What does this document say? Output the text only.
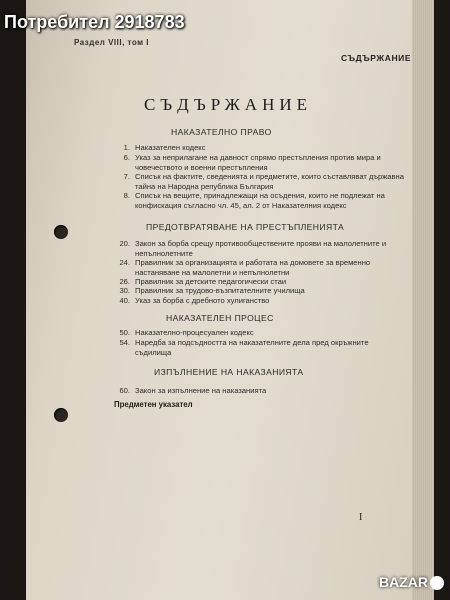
Раздел VIII, том I
СЪДЪРЖАНИЕ
СЪДЪРЖАНИЕ
НАКАЗАТЕЛНО ПРАВО
1. Наказателен кодекс
6. Указ за неприлагане на давност спрямо престъпления против мира и човечеството и военни престъпления
7. Списък на фактите, сведенията и предметите, които съставляват държавна тайна на Народна република България
8. Списък на вещите, принадлежащи на осъдения, които не подлежат на конфискация съгласно чл. 45, ал. 2 от Наказателния кодекс
ПРЕДОТВРАТЯВАНЕ НА ПРЕСТЪПЛЕНИЯТА
20. Закон за борба срещу противообществените прояви на малолетните и непълнолетните
24. Правилник за организацията и работата на домовете за временно настаняване на малолетни и непълнолетни
26. Правилник за детските педагогически стаи
30. Правилник за трудово-възпитателните училища
40. Указ за борба с дребното хулиганство
НАКАЗАТЕЛЕН ПРОЦЕС
50. Наказателно-процесуален кодекс
54. Наредба за подсъдността на наказателните дела пред окръжните съдилища
ИЗПЪЛНЕНИЕ НА НАКАЗАНИЯТА
60. Закон за изпълнение на наказанията
Предметен указател
I
Потребител 2918783
BAZAR
